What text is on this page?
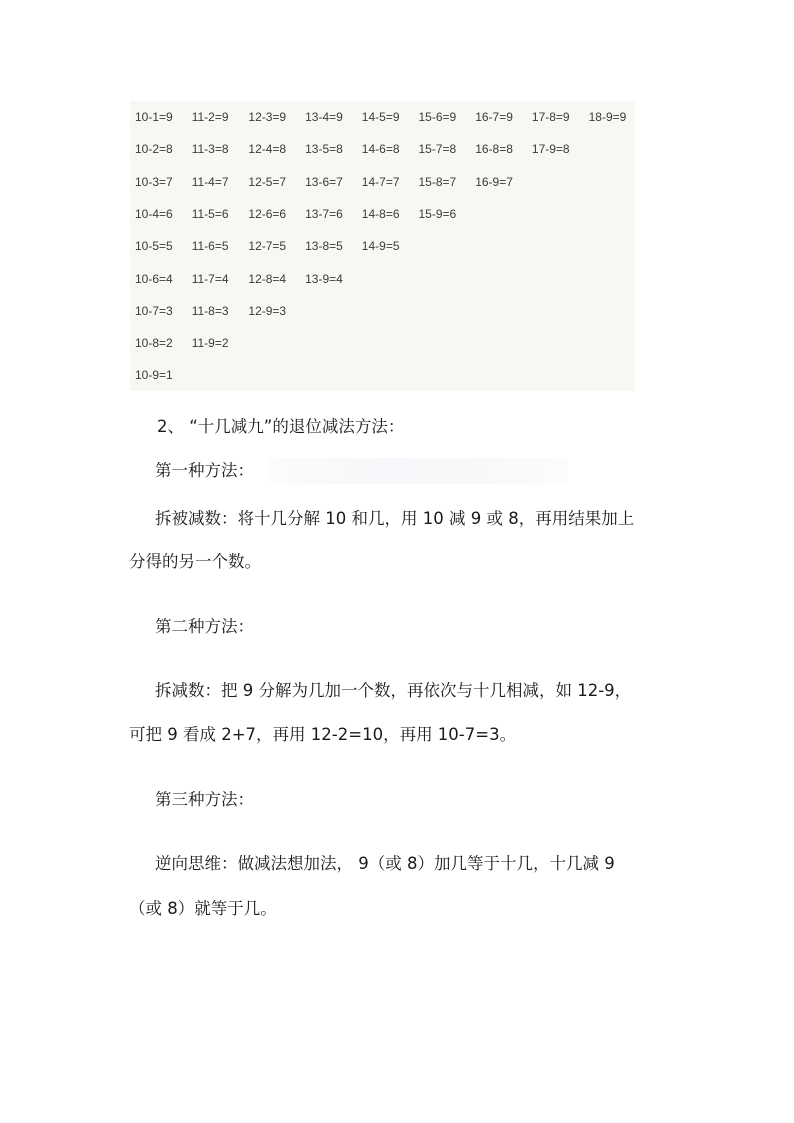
10-1=9
10-2=8
10-3=7
10-4=6
10-5=5
10-6=4
10-7=3
10-8=2
10-9=1
11-2=9
11-3=8
11-4=7
11-5=6
11-6=5
11-7=4
11-8=3
11-9=2
12-3=9
12-4=8
12-5=7
12-6=6
12-7=5
12-8=4
12-9=3
13-4=9
13-5=8
13-6=7
13-7=6
13-8=5
13-9=4
14-5=9
14-6=8
14-7=7
14-8=6
14-9=5
15-6=9
15-7=8
15-8=7
15-9=6
16-7=9
16-8=8
16-9=7
17-8=9
17-9=8
18-9=9
2、 “十几减九”的退位减法方法：
第一种方法：
拆被减数：将十几分解 10 和几，用 10 减 9 或 8，再用结果加上
分得的另一个数。
第二种方法：
拆减数：把 9 分解为几加一个数，再依次与十几相减，如 12-9，
可把 9 看成 2+7，再用 12-2=10，再用 10-7=3。
第三种方法：
逆向思维：做减法想加法， 9（或 8）加几等于十几，十几减 9
（或 8）就等于几。
